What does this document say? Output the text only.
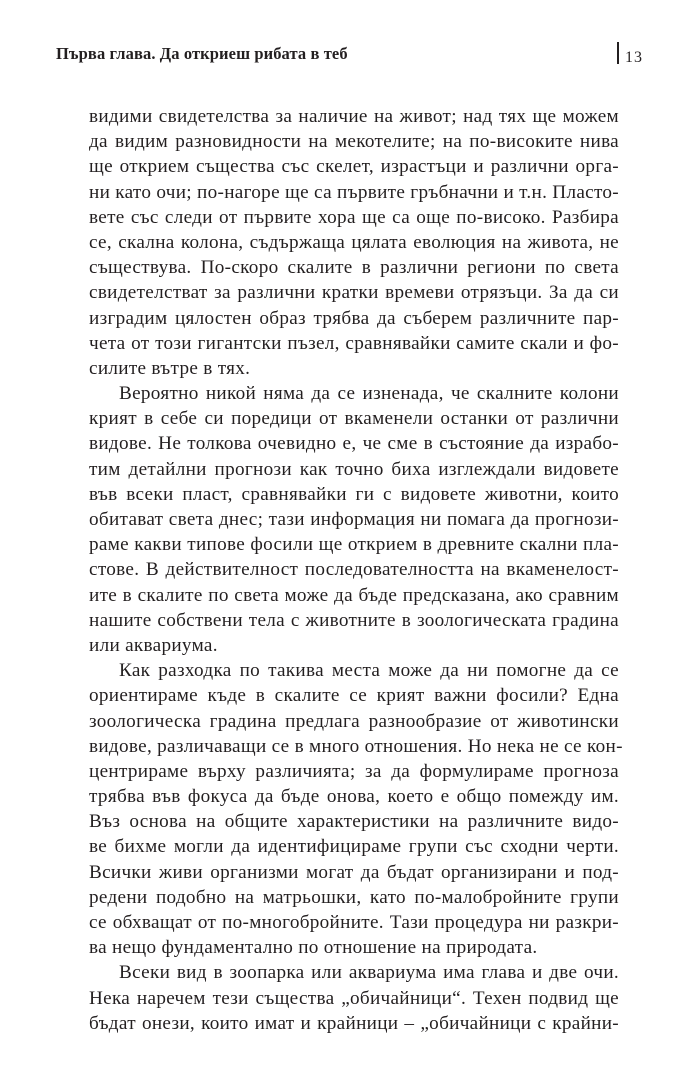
Първа глава. Да откриеш рибата в теб	13
видими свидетелства за наличие на живот; над тях ще можем
да видим разновидности на мекотелите; на по-високите нива
ще открием същества със скелет, израстъци и различни орга-
ни като очи; по-нагоре ще са първите гръбначни и т.н. Пласто-
вете със следи от първите хора ще са още по-високо. Разбира
се, скална колона, съдържаща цялата еволюция на живота, не
съществува. По-скоро скалите в различни региони по света
свидетелстват за различни кратки времеви отрязъци. За да си
изградим цялостен образ трябва да съберем различните пар-
чета от този гигантски пъзел, сравнявайки самите скали и фо-
силите вътре в тях.
Вероятно никой няма да се изненада, че скалните колони
крият в себе си поредици от вкаменели останки от различни
видове. Не толкова очевидно е, че сме в състояние да израбо-
тим детайлни прогнози как точно биха изглеждали видовете
във всеки пласт, сравнявайки ги с видовете животни, които
обитават света днес; тази информация ни помага да прогнози-
раме какви типове фосили ще открием в древните скални пла-
стове. В действителност последователността на вкаменелост-
ите в скалите по света може да бъде предсказана, ако сравним
нашите собствени тела с животните в зоологическата градина
или аквариума.
Как разходка по такива места може да ни помогне да се
ориентираме къде в скалите се крият важни фосили? Една
зоологическа градина предлага разнообразие от животински
видове, различаващи се в много отношения. Но нека не се кон-
центрираме върху различията; за да формулираме прогноза
трябва във фокуса да бъде онова, което е общо помежду им.
Въз основа на общите характеристики на различните видо-
ве бихме могли да идентифицираме групи със сходни черти.
Всички живи организми могат да бъдат организирани и под-
редени подобно на матрьошки, като по-малобройните групи
се обхващат от по-многобройните. Тази процедура ни разкри-
ва нещо фундаментално по отношение на природата.
Всеки вид в зоопарка или аквариума има глава и две очи.
Нека наречем тези същества „обичайници“. Техен подвид ще
бъдат онези, които имат и крайници – „обичайници с крайни-
